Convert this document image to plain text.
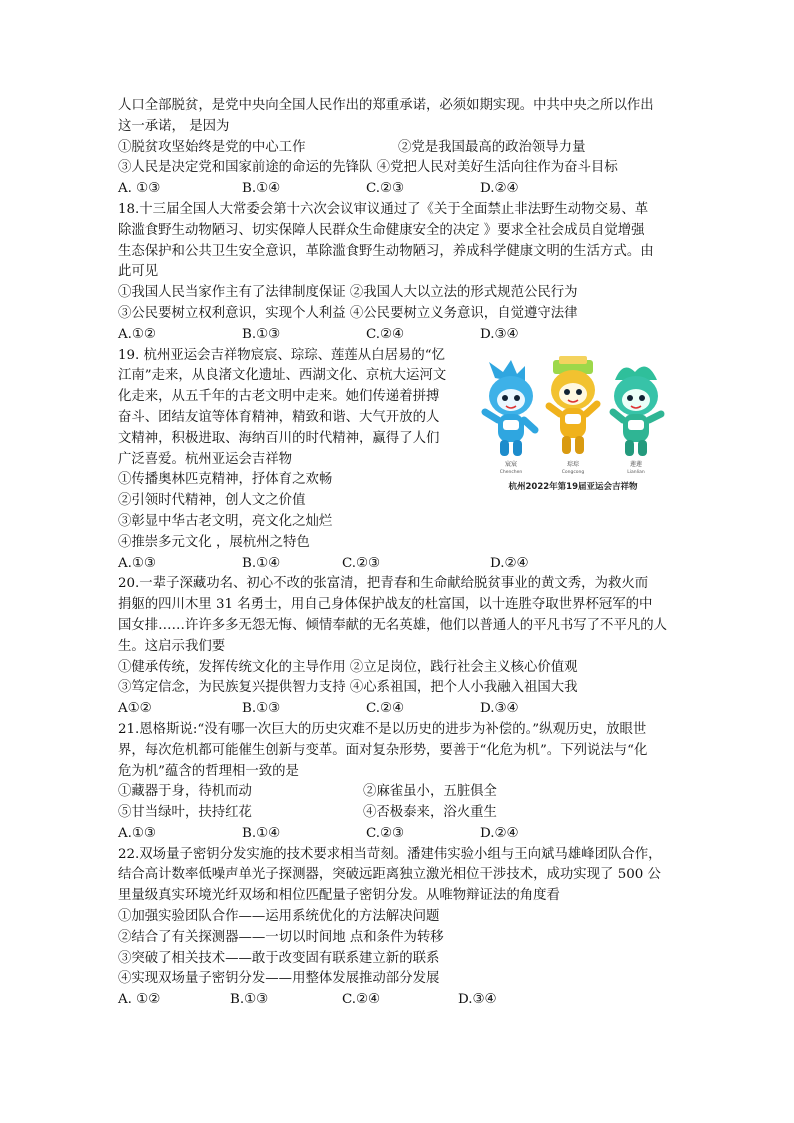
人口全部脱贫，是党中央向全国人民作出的郑重承诺，必须如期实现。中共中央之所以作出
这一承诺， 是因为
①脱贫攻坚始终是党的中心工作	②党是我国最高的政治领导力量
③人民是决定党和国家前途的命运的先锋队 ④党把人民对美好生活向往作为奋斗目标
A. ①③	B.①④	C.②③	D.②④
18.十三届全国人大常委会第十六次会议审议通过了《关于全面禁止非法野生动物交易、革
除滥食野生动物陋习、切实保障人民群众生命健康安全的决定 》要求全社会成员自觉增强
生态保护和公共卫生安全意识，革除滥食野生动物陋习，养成科学健康文明的生活方式。由
此可见
①我国人民当家作主有了法律制度保证 ②我国人大以立法的形式规范公民行为
③公民要树立权利意识，实现个人利益 ④公民要树立义务意识，自觉遵守法律
A.①②	B.①③	C.②④	D.③④
19. 杭州亚运会吉祥物宸宸、琮琮、莲莲从白居易的“忆
江南”走来，从良渚文化遗址、西湖文化、京杭大运河文
化走来，从五千年的古老文明中走来。她们传递着拼搏
奋斗、团结友谊等体育精神，精致和谐、大气开放的人
文精神，积极进取、海纳百川的时代精神，赢得了人们
广泛喜爱。杭州亚运会吉祥物
①传播奥林匹克精神，抒体育之欢畅
②引领时代精神，创人文之价值
③彰显中华古老文明，亮文化之灿烂
④推崇多元文化 ，展杭州之特色
宸宸
Chenchen
琮琮
Congcong
莲莲
Lianlian
杭州2022年第19届亚运会吉祥物
A.①③	B.①④	C.②③	D.②④
20.一辈子深藏功名、初心不改的张富清，把青春和生命献给脱贫事业的黄文秀，为救火而
捐躯的四川木里 31 名勇士，用自己身体保护战友的杜富国，以十连胜夺取世界杯冠军的中
国女排……许许多多无怨无悔、倾情奉献的无名英雄，他们以普通人的平凡书写了不平凡的人
生。这启示我们要
①健承传统，发挥传统文化的主导作用 ②立足岗位，践行社会主义核心价值观
③笃定信念，为民族复兴提供智力支持 ④心系祖国，把个人小我融入祖国大我
A①②	B.①③	C.②④	D.③④
21.恩格斯说:“没有哪一次巨大的历史灾难不是以历史的进步为补偿的。”纵观历史，放眼世
界，每次危机都可能催生创新与变革。面对复杂形势，要善于“化危为机”。下列说法与“化
危为机”蕴含的哲理相一致的是
①藏器于身，待机而动	②麻雀虽小，五脏俱全
⑤甘当绿叶，扶持红花	④否极泰来，浴火重生
A.①③	B.①④	C.②③	D.②④
22.双场量子密钥分发实施的技术要求相当苛刻。潘建伟实验小组与王向斌马雄峰团队合作，
结合高计数率低噪声单光子探测器，突破远距离独立激光相位干涉技术，成功实现了 500 公
里量级真实环境光纤双场和相位匹配量子密钥分发。从唯物辩证法的角度看
①加强实验团队合作——运用系统优化的方法解决问题
②结合了有关探测器——一切以时间地 点和条件为转移
③突破了相关技术——敢于改变固有联系建立新的联系
④实现双场量子密钥分发——用整体发展推动部分发展
A. ①②	B.①③	C.②④	D.③④
